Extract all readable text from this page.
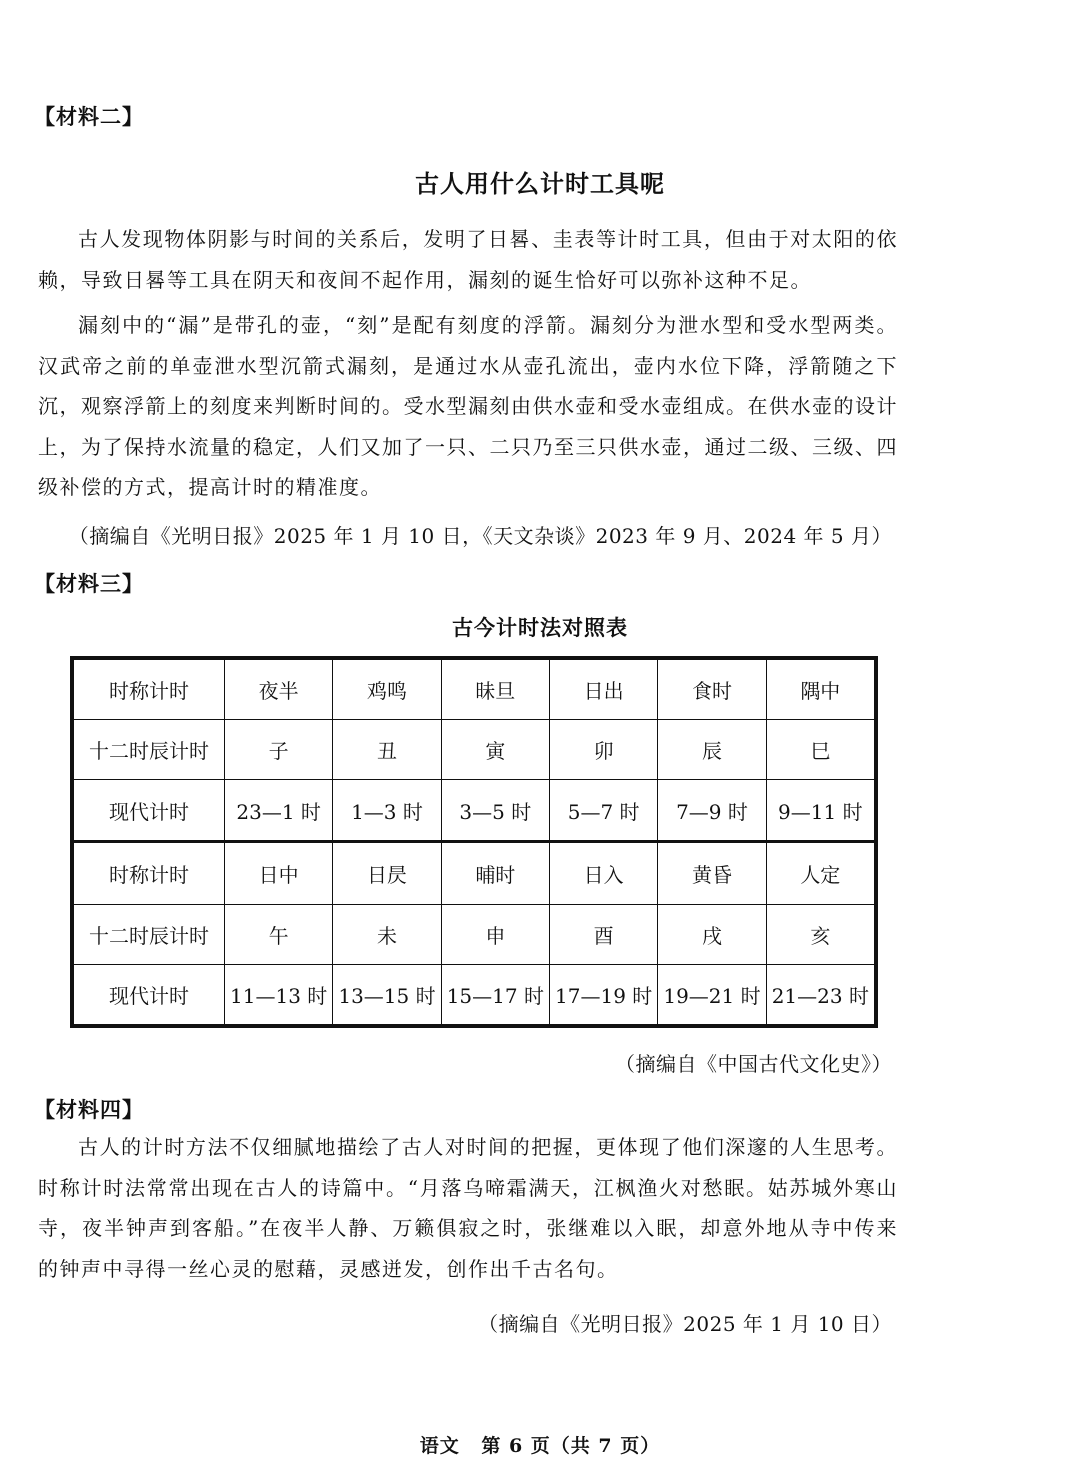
【材料二】
古人用什么计时工具呢

古人发现物体阴影与时间的关系后，发明了日晷、圭表等计时工具，但由于对太阳的依赖，导致日晷等工具在阴天和夜间不起作用，漏刻的诞生恰好可以弥补这种不足。

漏刻中的“漏”是带孔的壶，“刻”是配有刻度的浮箭。漏刻分为泄水型和受水型两类。汉武帝之前的单壶泄水型沉箭式漏刻，是通过水从壶孔流出，壶内水位下降，浮箭随之下沉，观察浮箭上的刻度来判断时间的。受水型漏刻由供水壶和受水壶组成。在供水壶的设计上，为了保持水流量的稳定，人们又加了一只、二只乃至三只供水壶，通过二级、三级、四级补偿的方式，提高计时的精准度。

（摘编自《光明日报》2025 年 1 月 10 日，《天文杂谈》2023 年 9 月、2024 年 5 月）
【材料三】
古今计时法对照表
时称计时	夜半	鸡鸣	昧旦	日出	食时	隅中
十二时辰计时	子	丑	寅	卯	辰	巳
现代计时	23—1 时	1—3 时	3—5 时	5—7 时	7—9 时	9—11 时
时称计时	日中	日昃	晡时	日入	黄昏	人定
十二时辰计时	午	未	申	酉	戌	亥
现代计时	11—13 时	13—15 时	15—17 时	17—19 时	19—21 时	21—23 时
（摘编自《中国古代文化史》）
【材料四】

古人的计时方法不仅细腻地描绘了古人对时间的把握，更体现了他们深邃的人生思考。时称计时法常常出现在古人的诗篇中。“月落乌啼霜满天，江枫渔火对愁眠。姑苏城外寒山寺，夜半钟声到客船。”在夜半人静、万籁俱寂之时，张继难以入眠，却意外地从寺中传来的钟声中寻得一丝心灵的慰藉，灵感迸发，创作出千古名句。

（摘编自《光明日报》2025 年 1 月 10 日）
语文 第 6 页（共 7 页）
